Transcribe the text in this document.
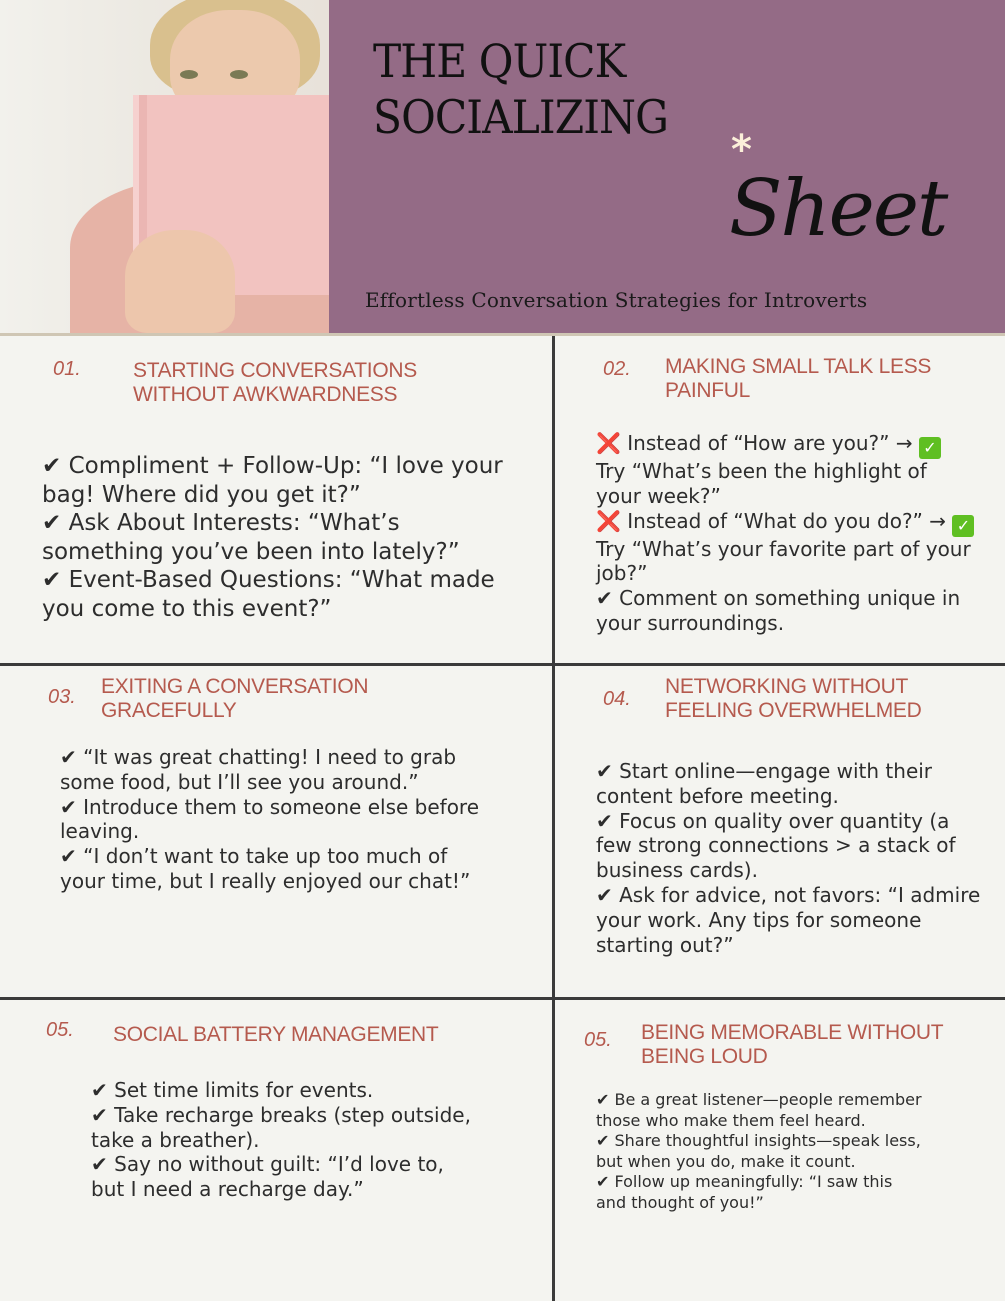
THE QUICK
SOCIALIZING
*
Sheet
Effortless Conversation Strategies for Introverts
01. STARTING CONVERSATIONS WITHOUT AWKWARDNESS
✔ Compliment + Follow-Up: “I love your bag! Where did you get it?”
✔ Ask About Interests: “What’s something you’ve been into lately?”
✔ Event-Based Questions: “What made you come to this event?”
02. MAKING SMALL TALK LESS PAINFUL
❌ Instead of “How are you?” → ✓ Try “What’s been the highlight of your week?”
❌ Instead of “What do you do?” → ✓ Try “What’s your favorite part of your job?”
✔ Comment on something unique in your surroundings.
03. EXITING A CONVERSATION GRACEFULLY
✔ “It was great chatting! I need to grab some food, but I’ll see you around.”
✔ Introduce them to someone else before leaving.
✔ “I don’t want to take up too much of your time, but I really enjoyed our chat!”
04.
NETWORKING WITHOUT FEELING OVERWHELMED
✔ Start online—engage with their content before meeting.
✔ Focus on quality over quantity (a few strong connections > a stack of business cards).
✔ Ask for advice, not favors: “I admire your work. Any tips for someone starting out?”
05. SOCIAL BATTERY MANAGEMENT
✔ Set time limits for events.
✔ Take recharge breaks (step outside, take a breather).
✔ Say no without guilt: “I’d love to, but I need a recharge day.”
05. BEING MEMORABLE WITHOUT BEING LOUD
✔ Be a great listener—people remember those who make them feel heard.
✔ Share thoughtful insights—speak less, but when you do, make it count.
✔ Follow up meaningfully: “I saw this and thought of you!”
